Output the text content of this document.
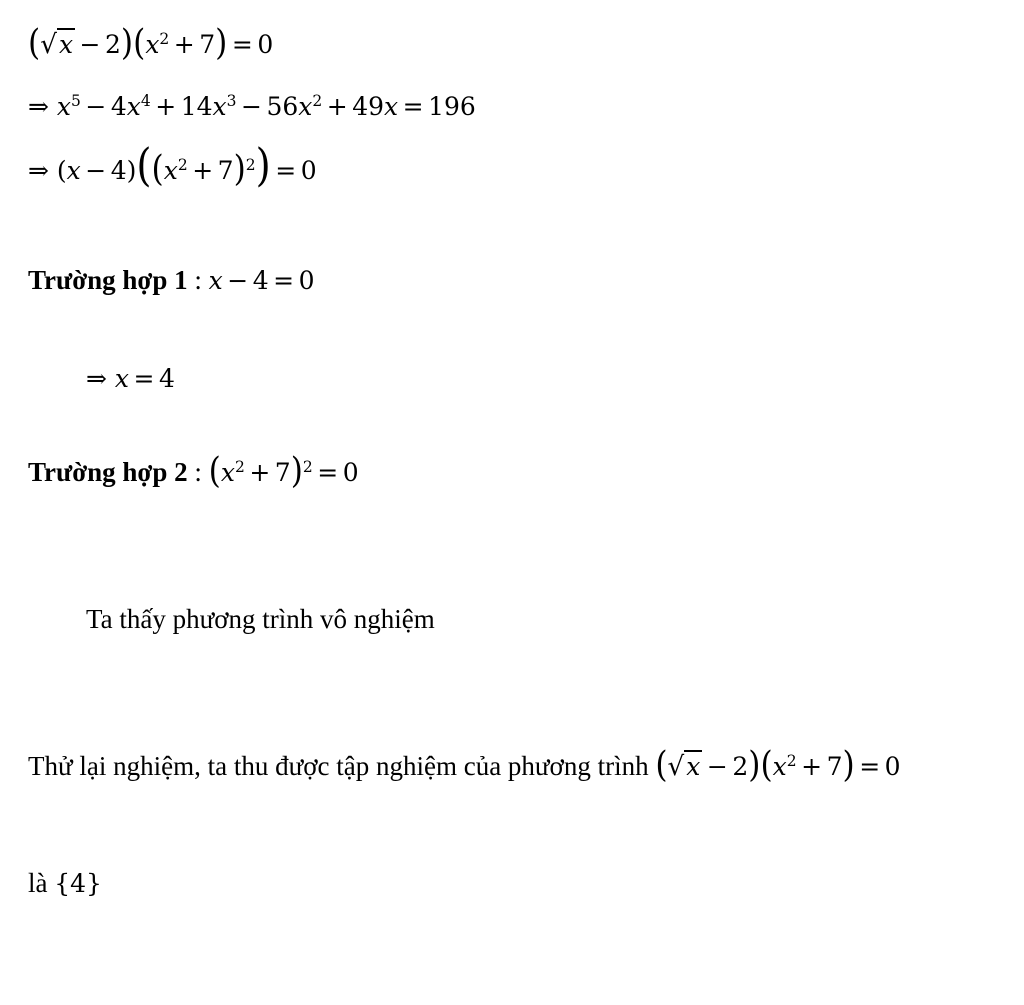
$(√x - 2)(x^2 + 7) = 0$
⇒ $x^5 - 4x^4 + 14x^3 - 56x^2 + 49x = 196$
⇒ $(x - 4)((x^2 + 7)^2) = 0$
Trường hợp 1 : x − 4 = 0
⇒ x = 4
Trường hợp 2 : $(x^2 + 7)^2 = 0$
Ta thấy phương trình vô nghiệm
Thử lại nghiệm, ta thu được tập nghiệm của phương trình $(√x - 2)(x^2 + 7) = 0$
là {4}
